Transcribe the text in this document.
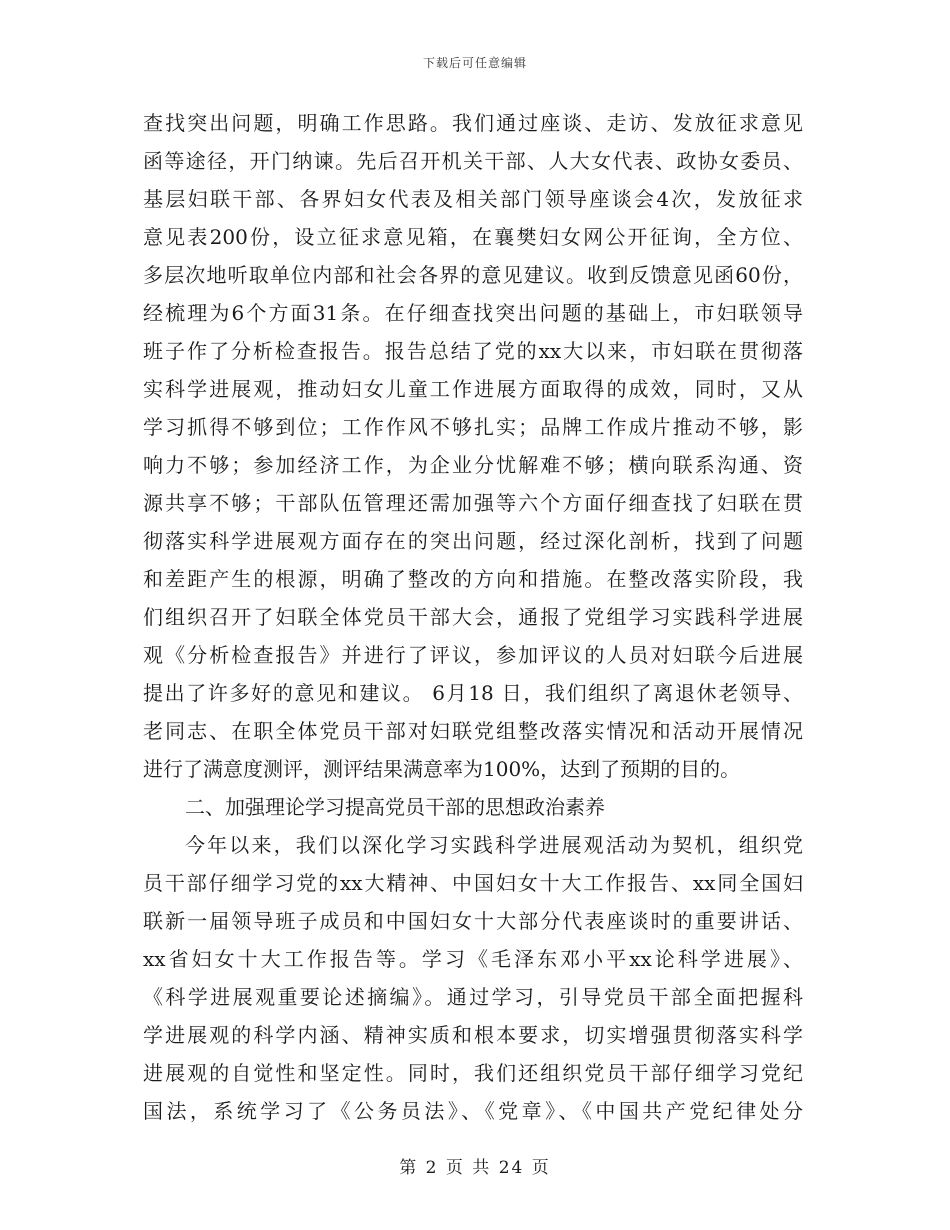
下载后可任意编辑
查找突出问题，明确工作思路。我们通过座谈、走访、发放征求意见
函等途径，开门纳谏。先后召开机关干部、人大女代表、政协女委员、
基层妇联干部、各界妇女代表及相关部门领导座谈会4次，发放征求
意见表200份，设立征求意见箱，在襄樊妇女网公开征询，全方位、
多层次地听取单位内部和社会各界的意见建议。收到反馈意见函60份，
经梳理为6个方面31条。在仔细查找突出问题的基础上，市妇联领导
班子作了分析检查报告。报告总结了党的xx大以来，市妇联在贯彻落
实科学进展观，推动妇女儿童工作进展方面取得的成效，同时，又从
学习抓得不够到位；工作作风不够扎实；品牌工作成片推动不够，影
响力不够；参加经济工作，为企业分忧解难不够；横向联系沟通、资
源共享不够；干部队伍管理还需加强等六个方面仔细查找了妇联在贯
彻落实科学进展观方面存在的突出问题，经过深化剖析，找到了问题
和差距产生的根源，明确了整改的方向和措施。在整改落实阶段，我
们组织召开了妇联全体党员干部大会，通报了党组学习实践科学进展
观《分析检查报告》并进行了评议，参加评议的人员对妇联今后进展
提出了许多好的意见和建议。 6月18 日，我们组织了离退休老领导、
老同志、在职全体党员干部对妇联党组整改落实情况和活动开展情况
进行了满意度测评，测评结果满意率为100%，达到了预期的目的。
二、加强理论学习提高党员干部的思想政治素养
今年以来，我们以深化学习实践科学进展观活动为契机，组织党
员干部仔细学习党的xx大精神、中国妇女十大工作报告、xx同全国妇
联新一届领导班子成员和中国妇女十大部分代表座谈时的重要讲话、
xx省妇女十大工作报告等。学习《毛泽东邓小平xx论科学进展》、
《科学进展观重要论述摘编》。通过学习，引导党员干部全面把握科
学进展观的科学内涵、精神实质和根本要求，切实增强贯彻落实科学
进展观的自觉性和坚定性。同时，我们还组织党员干部仔细学习党纪
国法，系统学习了《公务员法》、《党章》、《中国共产党纪律处分
第 2 页 共 24 页
